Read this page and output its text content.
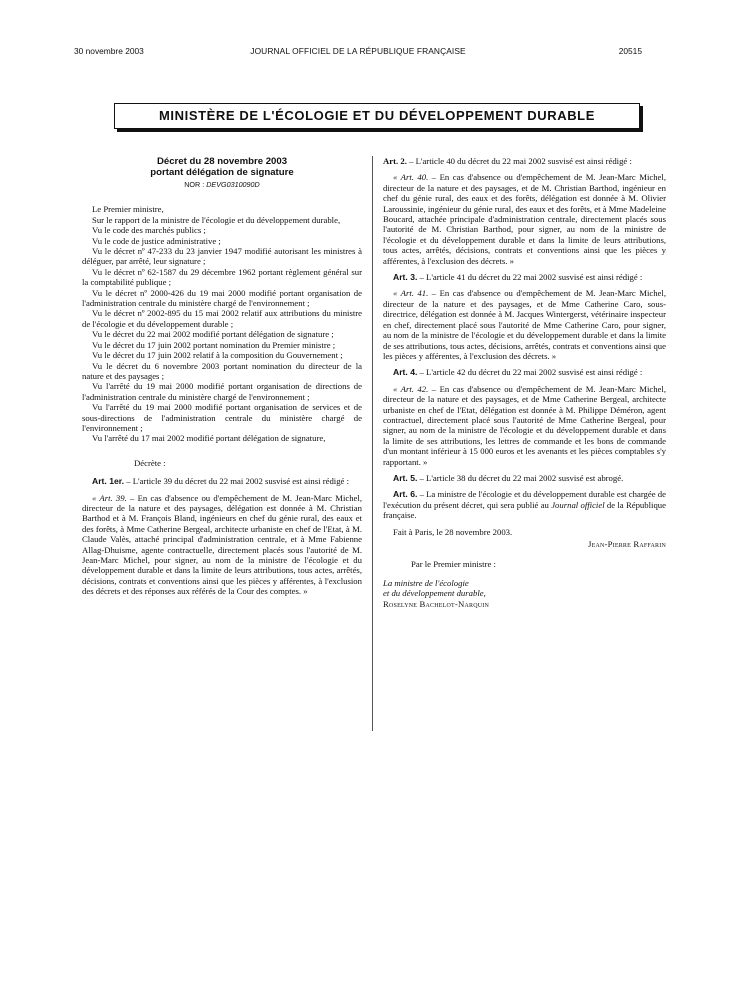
30 novembre 2003	JOURNAL OFFICIEL DE LA RÉPUBLIQUE FRANÇAISE	20515
MINISTÈRE DE L'ÉCOLOGIE ET DU DÉVELOPPEMENT DURABLE
Décret du 28 novembre 2003
portant délégation de signature
NOR : DEVG0310090D

Le Premier ministre,

Sur le rapport de la ministre de l'écologie et du développement durable,

Vu le code des marchés publics ;

Vu le code de justice administrative ;

Vu le décret nº 47-233 du 23 janvier 1947 modifié autorisant les ministres à déléguer, par arrêté, leur signature ;

Vu le décret nº 62-1587 du 29 décembre 1962 portant règlement général sur la comptabilité publique ;

Vu le décret nº 2000-426 du 19 mai 2000 modifié portant organisation de l'administration centrale du ministère chargé de l'environnement ;

Vu le décret nº 2002-895 du 15 mai 2002 relatif aux attributions du ministre de l'écologie et du développement durable ;

Vu le décret du 22 mai 2002 modifié portant délégation de signature ;

Vu le décret du 17 juin 2002 portant nomination du Premier ministre ;

Vu le décret du 17 juin 2002 relatif à la composition du Gouvernement ;

Vu le décret du 6 novembre 2003 portant nomination du directeur de la nature et des paysages ;

Vu l'arrêté du 19 mai 2000 modifié portant organisation de directions de l'administration centrale du ministère chargé de l'environnement ;

Vu l'arrêté du 19 mai 2000 modifié portant organisation de services et de sous-directions de l'administration centrale du ministère chargé de l'environnement ;

Vu l'arrêté du 17 mai 2002 modifié portant délégation de signature,

Décrète :

Art. 1er. – L'article 39 du décret du 22 mai 2002 susvisé est ainsi rédigé :

« Art. 39. – En cas d'absence ou d'empêchement de M. Jean-Marc Michel, directeur de la nature et des paysages, délégation est donnée à M. Christian Barthod et à M. François Bland, ingénieurs en chef du génie rural, des eaux et des forêts, à Mme Catherine Bergeal, architecte urbaniste en chef de l'Etat, à M. Claude Valès, attaché principal d'administration centrale, et à Mme Fabienne Allag-Dhuisme, agente contractuelle, directement placés sous l'autorité de M. Jean-Marc Michel, pour signer, au nom de la ministre de l'écologie et du développement durable et dans la limite de leurs attributions, tous actes, arrêtés, décisions, contrats et conventions ainsi que les pièces y afférentes, à l'exclusion des décrets et des réponses aux référés de la Cour des comptes. »

Art. 2. – L'article 40 du décret du 22 mai 2002 susvisé est ainsi rédigé :

« Art. 40. – En cas d'absence ou d'empêchement de M. Jean-Marc Michel, directeur de la nature et des paysages, et de M. Christian Barthod, ingénieur en chef du génie rural, des eaux et des forêts, délégation est donnée à M. Olivier Laroussinie, ingénieur du génie rural, des eaux et des forêts, et à Mme Madeleine Boucard, attachée principale d'administration centrale, directement placés sous l'autorité de M. Christian Barthod, pour signer, au nom de la ministre de l'écologie et du développement durable et dans la limite de leurs attributions, tous actes, arrêtés, décisions, contrats et conventions ainsi que les pièces y afférentes, à l'exclusion des décrets. »

Art. 3. – L'article 41 du décret du 22 mai 2002 susvisé est ainsi rédigé :

« Art. 41. – En cas d'absence ou d'empêchement de M. Jean-Marc Michel, directeur de la nature et des paysages, et de Mme Catherine Caro, sous-directrice, délégation est donnée à M. Jacques Wintergerst, vétérinaire inspecteur en chef, directement placé sous l'autorité de Mme Catherine Caro, pour signer, au nom de la ministre de l'écologie et du développement durable et dans la limite de ses attributions, tous actes, décisions, arrêtés, contrats et conventions ainsi que les pièces y afférentes, à l'exclusion des décrets. »

Art. 4. – L'article 42 du décret du 22 mai 2002 susvisé est ainsi rédigé :

« Art. 42. – En cas d'absence ou d'empêchement de M. Jean-Marc Michel, directeur de la nature et des paysages, et de Mme Catherine Bergeal, architecte urbaniste en chef de l'Etat, délégation est donnée à M. Philippe Déméron, agent contractuel, directement placé sous l'autorité de Mme Catherine Bergeal, pour signer, au nom de la ministre de l'écologie et du développement durable et dans la limite de ses attributions, les lettres de commande et les bons de commande d'un montant inférieur à 15 000 euros et les avenants et les pièces comptables s'y rapportant. »

Art. 5. – L'article 38 du décret du 22 mai 2002 susvisé est abrogé.

Art. 6. – La ministre de l'écologie et du développement durable est chargée de l'exécution du présent décret, qui sera publié au Journal officiel de la République française.

Fait à Paris, le 28 novembre 2003.

Jean-Pierre Raffarin

Par le Premier ministre :

La ministre de l'écologie
et du développement durable,

Roselyne Bachelot-Narquin
